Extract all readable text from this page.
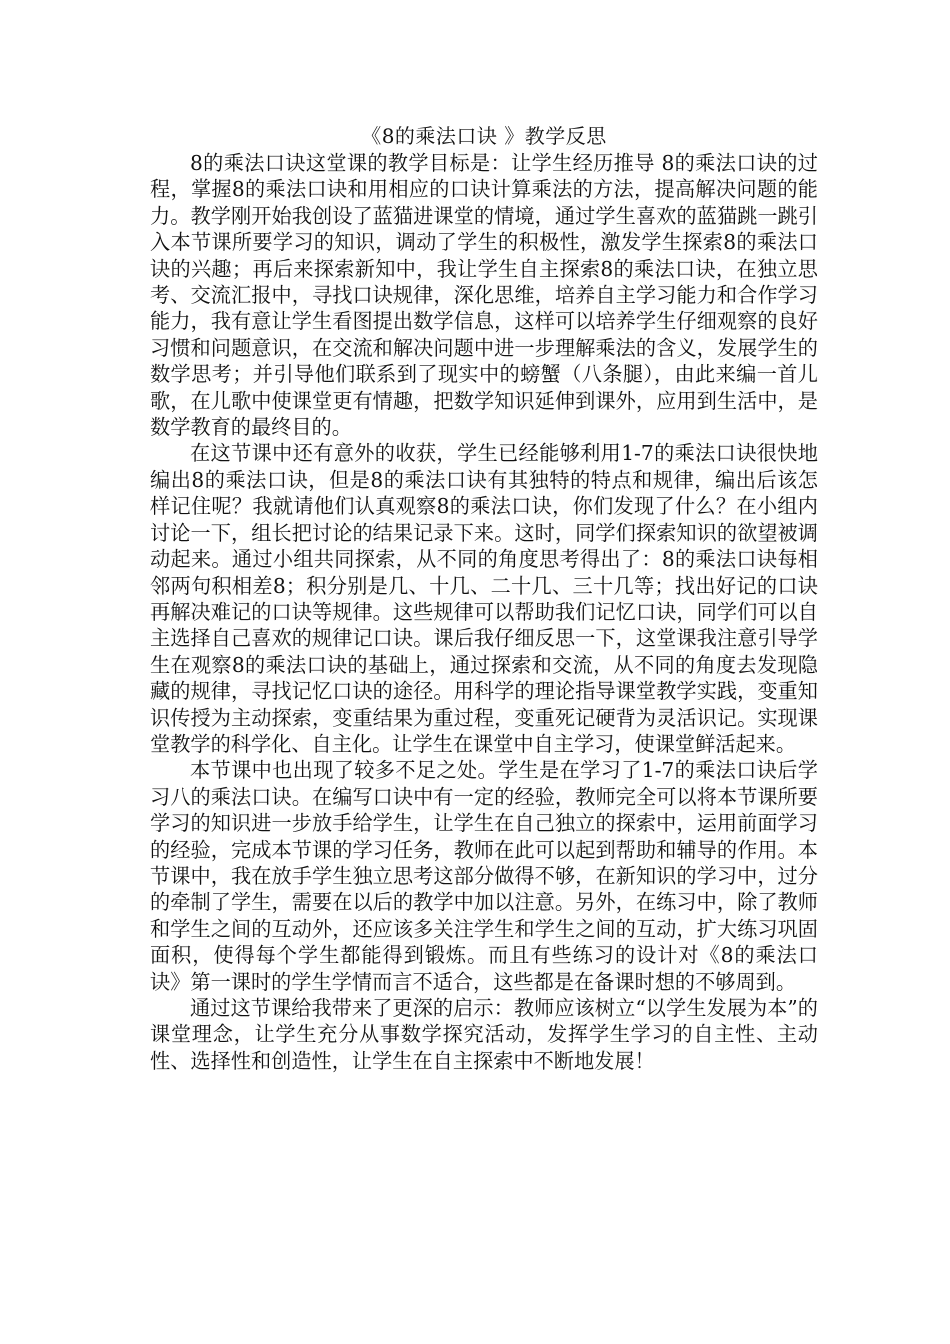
《8的乘法口诀 》教学反思

8的乘法口诀这堂课的教学目标是：让学生经历推导 8的乘法口诀的过程，掌握8的乘法口诀和用相应的口诀计算乘法的方法，提高解决问题的能力。教学刚开始我创设了蓝猫进课堂的情境，通过学生喜欢的蓝猫跳一跳引入本节课所要学习的知识，调动了学生的积极性，激发学生探索8的乘法口诀的兴趣；再后来探索新知中，我让学生自主探索8的乘法口诀，在独立思考、交流汇报中，寻找口诀规律，深化思维，培养自主学习能力和合作学习能力，我有意让学生看图提出数学信息，这样可以培养学生仔细观察的良好习惯和问题意识，在交流和解决问题中进一步理解乘法的含义，发展学生的数学思考；并引导他们联系到了现实中的螃蟹（八条腿），由此来编一首儿歌，在儿歌中使课堂更有情趣，把数学知识延伸到课外，应用到生活中，是数学教育的最终目的。

在这节课中还有意外的收获，学生已经能够利用1-7的乘法口诀很快地编出8的乘法口诀，但是8的乘法口诀有其独特的特点和规律，编出后该怎样记住呢？我就请他们认真观察8的乘法口诀，你们发现了什么？在小组内讨论一下，组长把讨论的结果记录下来。这时，同学们探索知识的欲望被调动起来。通过小组共同探索，从不同的角度思考得出了：8的乘法口诀每相邻两句积相差8；积分别是几、十几、二十几、三十几等；找出好记的口诀再解决难记的口诀等规律。这些规律可以帮助我们记忆口诀，同学们可以自主选择自己喜欢的规律记口诀。课后我仔细反思一下，这堂课我注意引导学生在观察8的乘法口诀的基础上，通过探索和交流，从不同的角度去发现隐藏的规律，寻找记忆口诀的途径。用科学的理论指导课堂教学实践，变重知识传授为主动探索，变重结果为重过程，变重死记硬背为灵活识记。实现课堂教学的科学化、自主化。让学生在课堂中自主学习，使课堂鲜活起来。

本节课中也出现了较多不足之处。学生是在学习了1-7的乘法口诀后学习八的乘法口诀。在编写口诀中有一定的经验，教师完全可以将本节课所要学习的知识进一步放手给学生，让学生在自己独立的探索中，运用前面学习的经验，完成本节课的学习任务，教师在此可以起到帮助和辅导的作用。本节课中，我在放手学生独立思考这部分做得不够，在新知识的学习中，过分的牵制了学生，需要在以后的教学中加以注意。另外，在练习中，除了教师和学生之间的互动外，还应该多关注学生和学生之间的互动，扩大练习巩固面积，使得每个学生都能得到锻炼。而且有些练习的设计对《8的乘法口诀》第一课时的学生学情而言不适合，这些都是在备课时想的不够周到。

通过这节课给我带来了更深的启示：教师应该树立“以学生发展为本”的课堂理念，让学生充分从事数学探究活动，发挥学生学习的自主性、主动性、选择性和创造性，让学生在自主探索中不断地发展！
